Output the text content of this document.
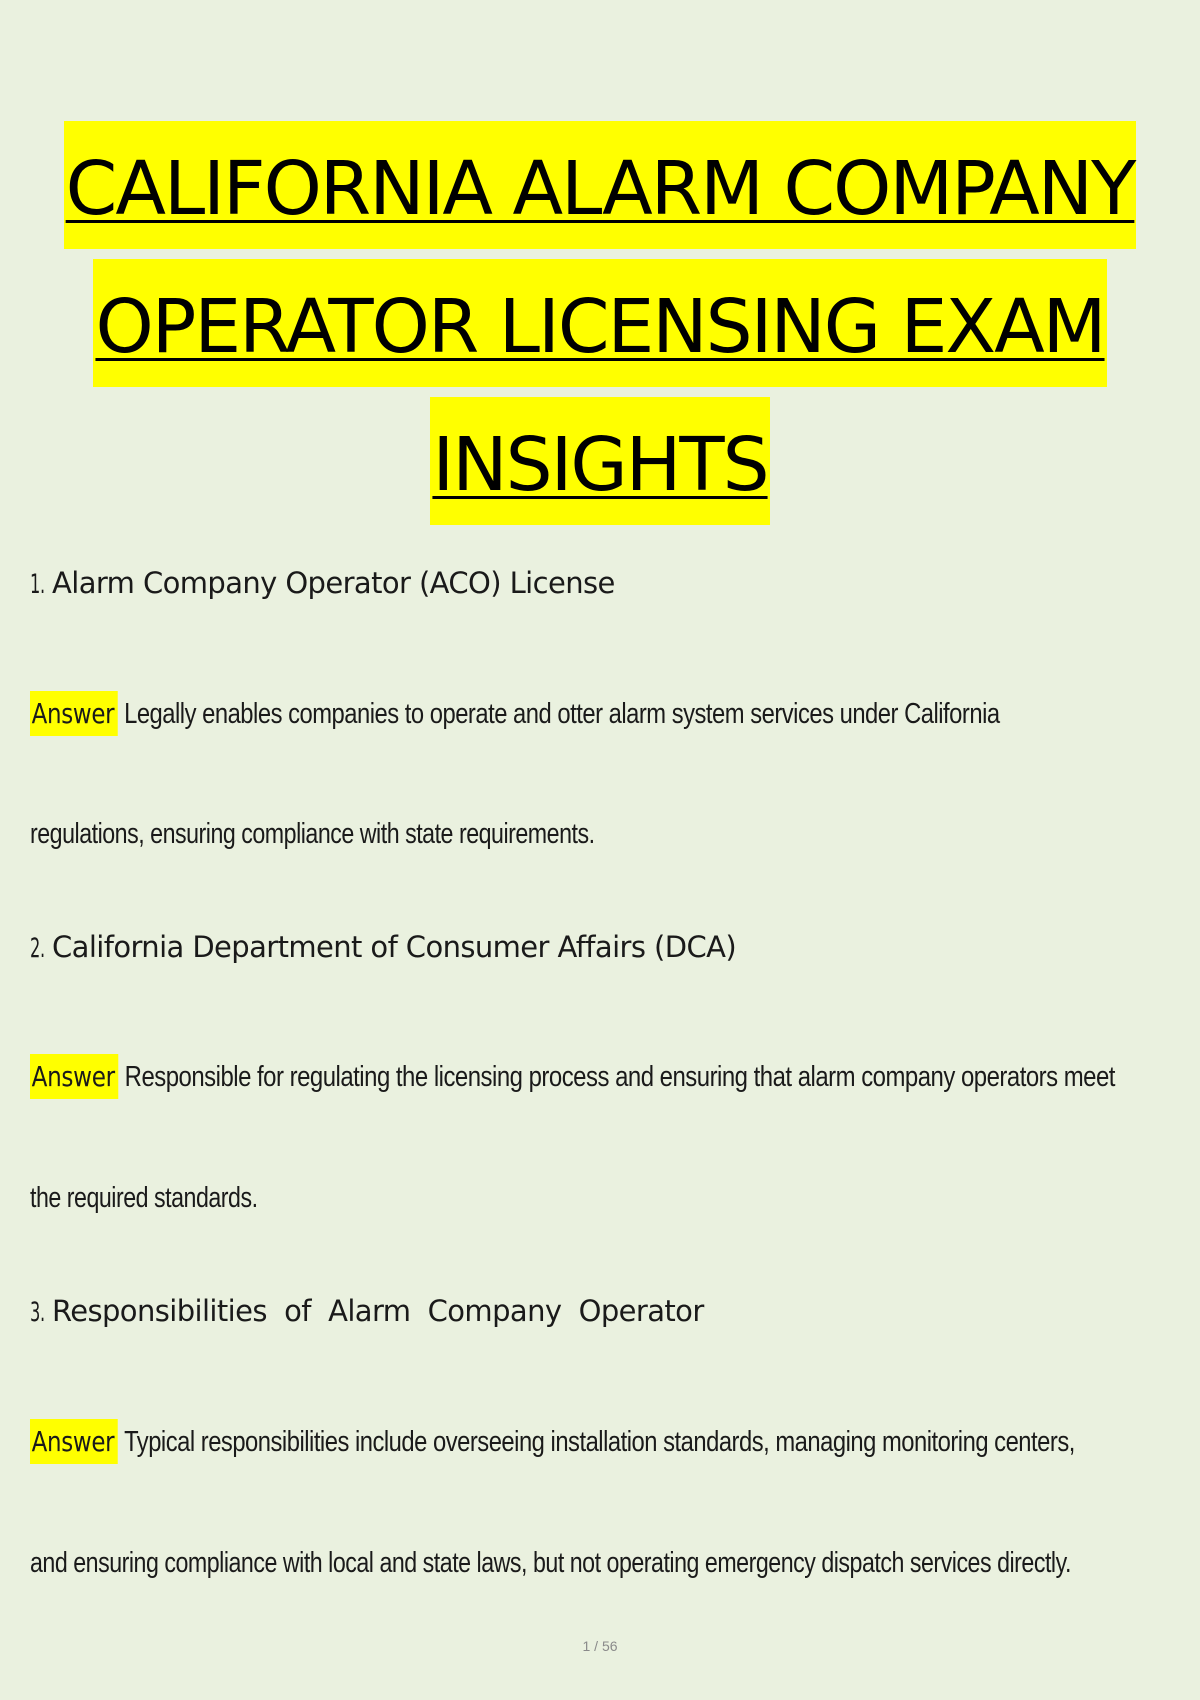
CALIFORNIA ALARM COMPANY
OPERATOR LICENSING EXAM
INSIGHTS
1. Alarm Company Operator (ACO) License
Answer Legally enables companies to operate and otter alarm system services under California
regulations, ensuring compliance with state requirements.
2. California Department of Consumer Affairs (DCA)
Answer Responsible for regulating the licensing process and ensuring that alarm company operators meet
the required standards.
3. Responsibilities  of  Alarm  Company  Operator
Answer Typical responsibilities include overseeing installation standards, managing monitoring centers,
and ensuring compliance with local and state laws, but not operating emergency dispatch services directly.
1 / 56
